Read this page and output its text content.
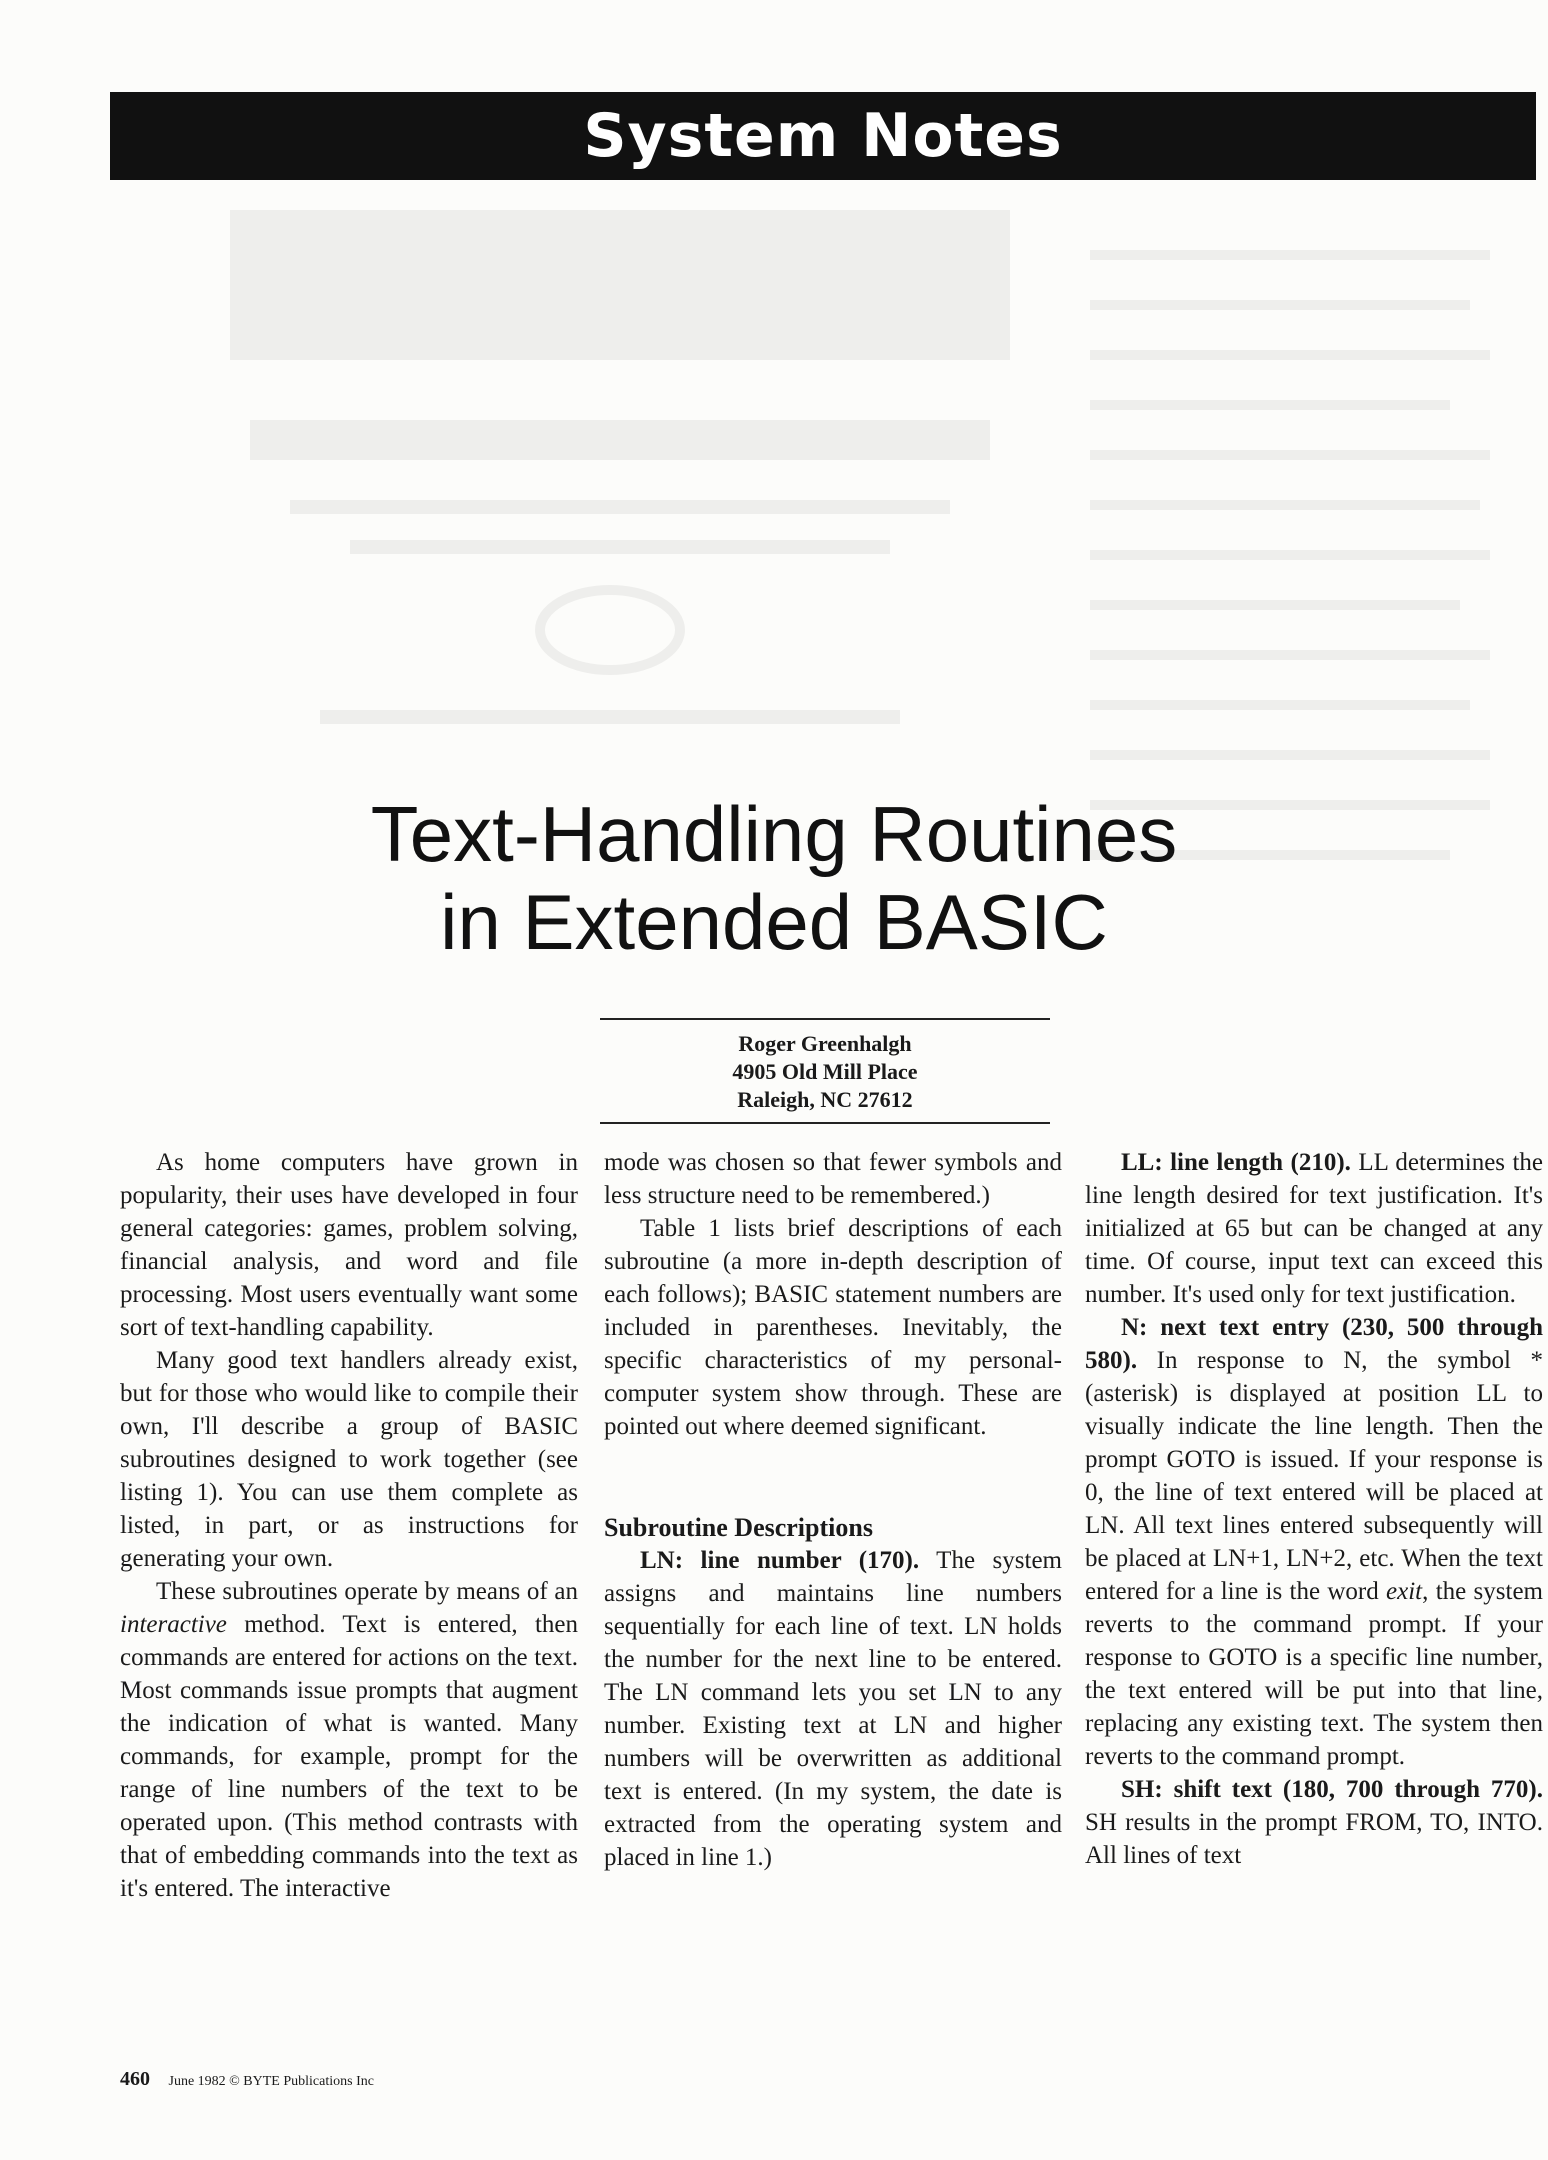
System Notes
Text-Handling Routines
in Extended BASIC
Roger Greenhalgh
4905 Old Mill Place
Raleigh, NC 27612

As home computers have grown in popularity, their uses have developed in four general categories: games, problem solving, financial analysis, and word and file processing. Most users eventually want some sort of text-handling capability.

Many good text handlers already exist, but for those who would like to compile their own, I'll describe a group of BASIC subroutines designed to work together (see listing 1). You can use them complete as listed, in part, or as instructions for generating your own.

These subroutines operate by means of an interactive method. Text is entered, then commands are entered for actions on the text. Most commands issue prompts that augment the indication of what is wanted. Many commands, for example, prompt for the range of line numbers of the text to be operated upon. (This method contrasts with that of embedding commands into the text as it's entered. The interactive

mode was chosen so that fewer symbols and less structure need to be remembered.)

Table 1 lists brief descriptions of each subroutine (a more in-depth description of each follows); BASIC statement numbers are included in parentheses. Inevitably, the specific characteristics of my personal-computer system show through. These are pointed out where deemed significant.

Subroutine Descriptions

LN: line number (170). The system assigns and maintains line numbers sequentially for each line of text. LN holds the number for the next line to be entered. The LN command lets you set LN to any number. Existing text at LN and higher numbers will be overwritten as additional text is entered. (In my system, the date is extracted from the operating system and placed in line 1.)

LL: line length (210). LL determines the line length desired for text justification. It's initialized at 65 but can be changed at any time. Of course, input text can exceed this number. It's used only for text justification.

N: next text entry (230, 500 through 580). In response to N, the symbol * (asterisk) is displayed at position LL to visually indicate the line length. Then the prompt GOTO is issued. If your response is 0, the line of text entered will be placed at LN. All text lines entered subsequently will be placed at LN+1, LN+2, etc. When the text entered for a line is the word exit, the system reverts to the command prompt. If your response to GOTO is a specific line number, the text entered will be put into that line, replacing any existing text. The system then reverts to the command prompt.

SH: shift text (180, 700 through 770). SH results in the prompt FROM, TO, INTO. All lines of text

460 June 1982 © BYTE Publications Inc
